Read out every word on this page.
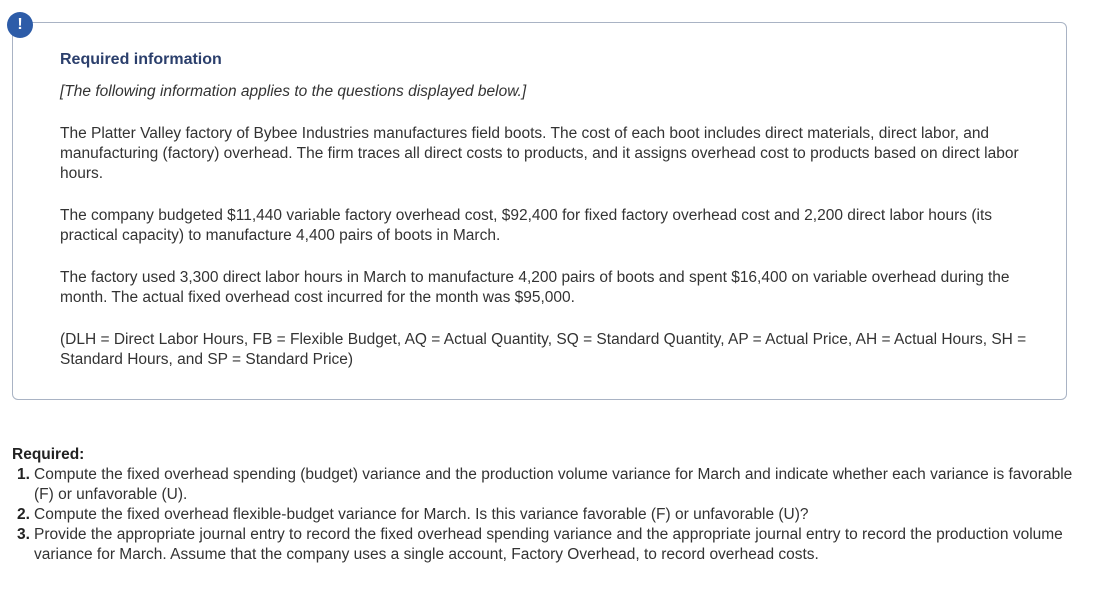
!

Required information

[The following information applies to the questions displayed below.]

The Platter Valley factory of Bybee Industries manufactures field boots. The cost of each boot includes direct materials, direct labor, and manufacturing (factory) overhead. The firm traces all direct costs to products, and it assigns overhead cost to products based on direct labor hours.

The company budgeted $11,440 variable factory overhead cost, $92,400 for fixed factory overhead cost and 2,200 direct labor hours (its practical capacity) to manufacture 4,400 pairs of boots in March.

The factory used 3,300 direct labor hours in March to manufacture 4,200 pairs of boots and spent $16,400 on variable overhead during the month. The actual fixed overhead cost incurred for the month was $95,000.

(DLH = Direct Labor Hours, FB = Flexible Budget, AQ = Actual Quantity, SQ = Standard Quantity, AP = Actual Price, AH = Actual Hours, SH = Standard Hours, and SP = Standard Price)

Required:

1. Compute the fixed overhead spending (budget) variance and the production volume variance for March and indicate whether each variance is favorable (F) or unfavorable (U).
2. Compute the fixed overhead flexible-budget variance for March. Is this variance favorable (F) or unfavorable (U)?
3. Provide the appropriate journal entry to record the fixed overhead spending variance and the appropriate journal entry to record the production volume variance for March. Assume that the company uses a single account, Factory Overhead, to record overhead costs.
